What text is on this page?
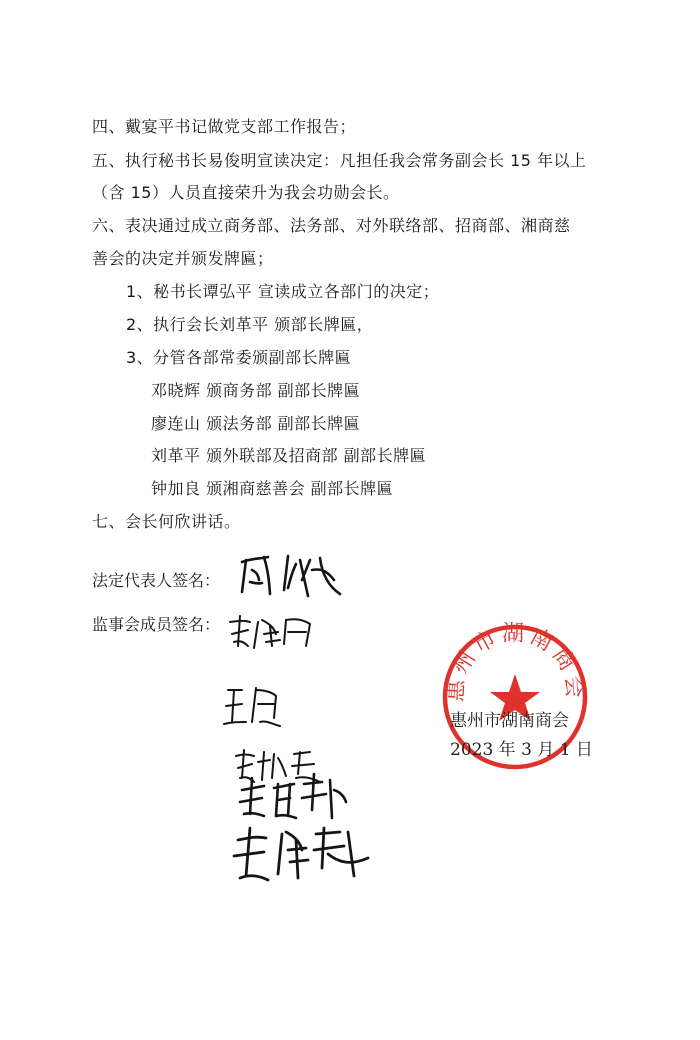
四、戴宴平书记做党支部工作报告；
五、执行秘书长易俊明宣读决定：凡担任我会常务副会长 15 年以上
（含 15）人员直接荣升为我会功勋会长。
六、表决通过成立商务部、法务部、对外联络部、招商部、湘商慈
善会的决定并颁发牌匾；
1、秘书长谭弘平 宣读成立各部门的决定；
2、执行会长刘革平 颁部长牌匾，
3、分管各部常委颁副部长牌匾
邓晓辉 颁商务部 副部长牌匾
廖连山 颁法务部 副部长牌匾
刘革平 颁外联部及招商部 副部长牌匾
钟加良 颁湘商慈善会 副部长牌匾
七、会长何欣讲话。
法定代表人签名：
监事会成员签名：
惠州市湖南商会
惠州市湖南商会
2023 年 3 月 1 日
